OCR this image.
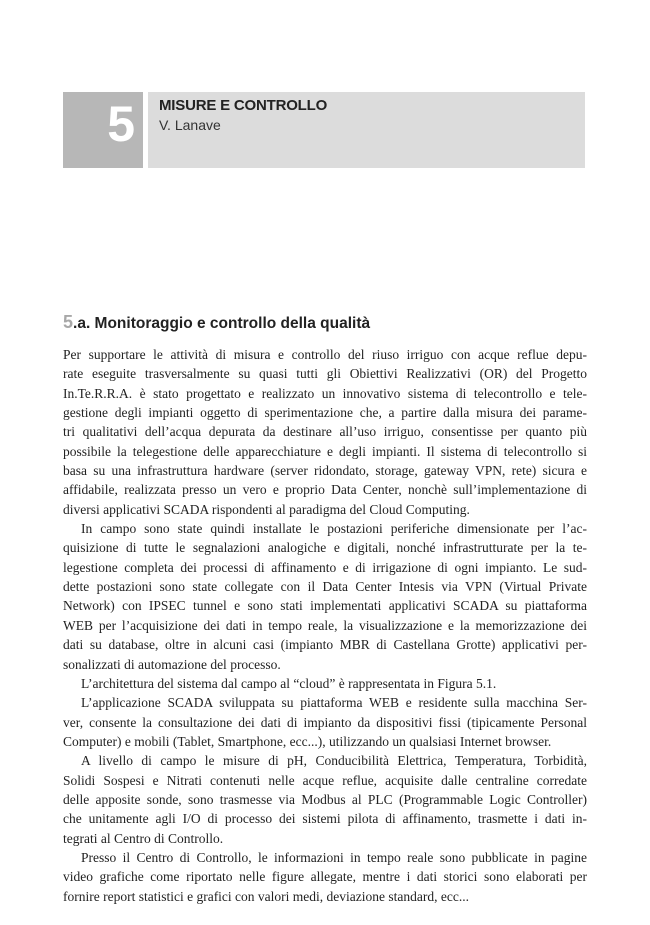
5 MISURE E CONTROLLO
V. Lanave
5.a. Monitoraggio e controllo della qualità
Per supportare le attività di misura e controllo del riuso irriguo con acque reflue depu-
rate eseguite trasversalmente su quasi tutti gli Obiettivi Realizzativi (OR) del Progetto
In.Te.R.R.A. è stato progettato e realizzato un innovativo sistema di telecontrollo e tele-
gestione degli impianti oggetto di sperimentazione che, a partire dalla misura dei parame-
tri qualitativi dell’acqua depurata da destinare all’uso irriguo, consentisse per quanto più
possibile la telegestione delle apparecchiature e degli impianti. Il sistema di telecontrollo si
basa su una infrastruttura hardware (server ridondato, storage, gateway VPN, rete) sicura e
affidabile, realizzata presso un vero e proprio Data Center, nonchè sull’implementazione di
diversi applicativi SCADA rispondenti al paradigma del Cloud Computing.
In campo sono state quindi installate le postazioni periferiche dimensionate per l’ac-
quisizione di tutte le segnalazioni analogiche e digitali, nonché infrastrutturate per la te-
legestione completa dei processi di affinamento e di irrigazione di ogni impianto. Le sud-
dette postazioni sono state collegate con il Data Center Intesis via VPN (Virtual Private
Network) con IPSEC tunnel e sono stati implementati applicativi SCADA su piattaforma
WEB per l’acquisizione dei dati in tempo reale, la visualizzazione e la memorizzazione dei
dati su database, oltre in alcuni casi (impianto MBR di Castellana Grotte) applicativi per-
sonalizzati di automazione del processo.
L’architettura del sistema dal campo al “cloud” è rappresentata in Figura 5.1.
L’applicazione SCADA sviluppata su piattaforma WEB e residente sulla macchina Ser-
ver, consente la consultazione dei dati di impianto da dispositivi fissi (tipicamente Personal
Computer) e mobili (Tablet, Smartphone, ecc...), utilizzando un qualsiasi Internet browser.
A livello di campo le misure di pH, Conducibilità Elettrica, Temperatura, Torbidità,
Solidi Sospesi e Nitrati contenuti nelle acque reflue, acquisite dalle centraline corredate
delle apposite sonde, sono trasmesse via Modbus al PLC (Programmable Logic Controller)
che unitamente agli I/O di processo dei sistemi pilota di affinamento, trasmette i dati in-
tegrati al Centro di Controllo.
Presso il Centro di Controllo, le informazioni in tempo reale sono pubblicate in pagine
video grafiche come riportato nelle figure allegate, mentre i dati storici sono elaborati per
fornire report statistici e grafici con valori medi, deviazione standard, ecc...
